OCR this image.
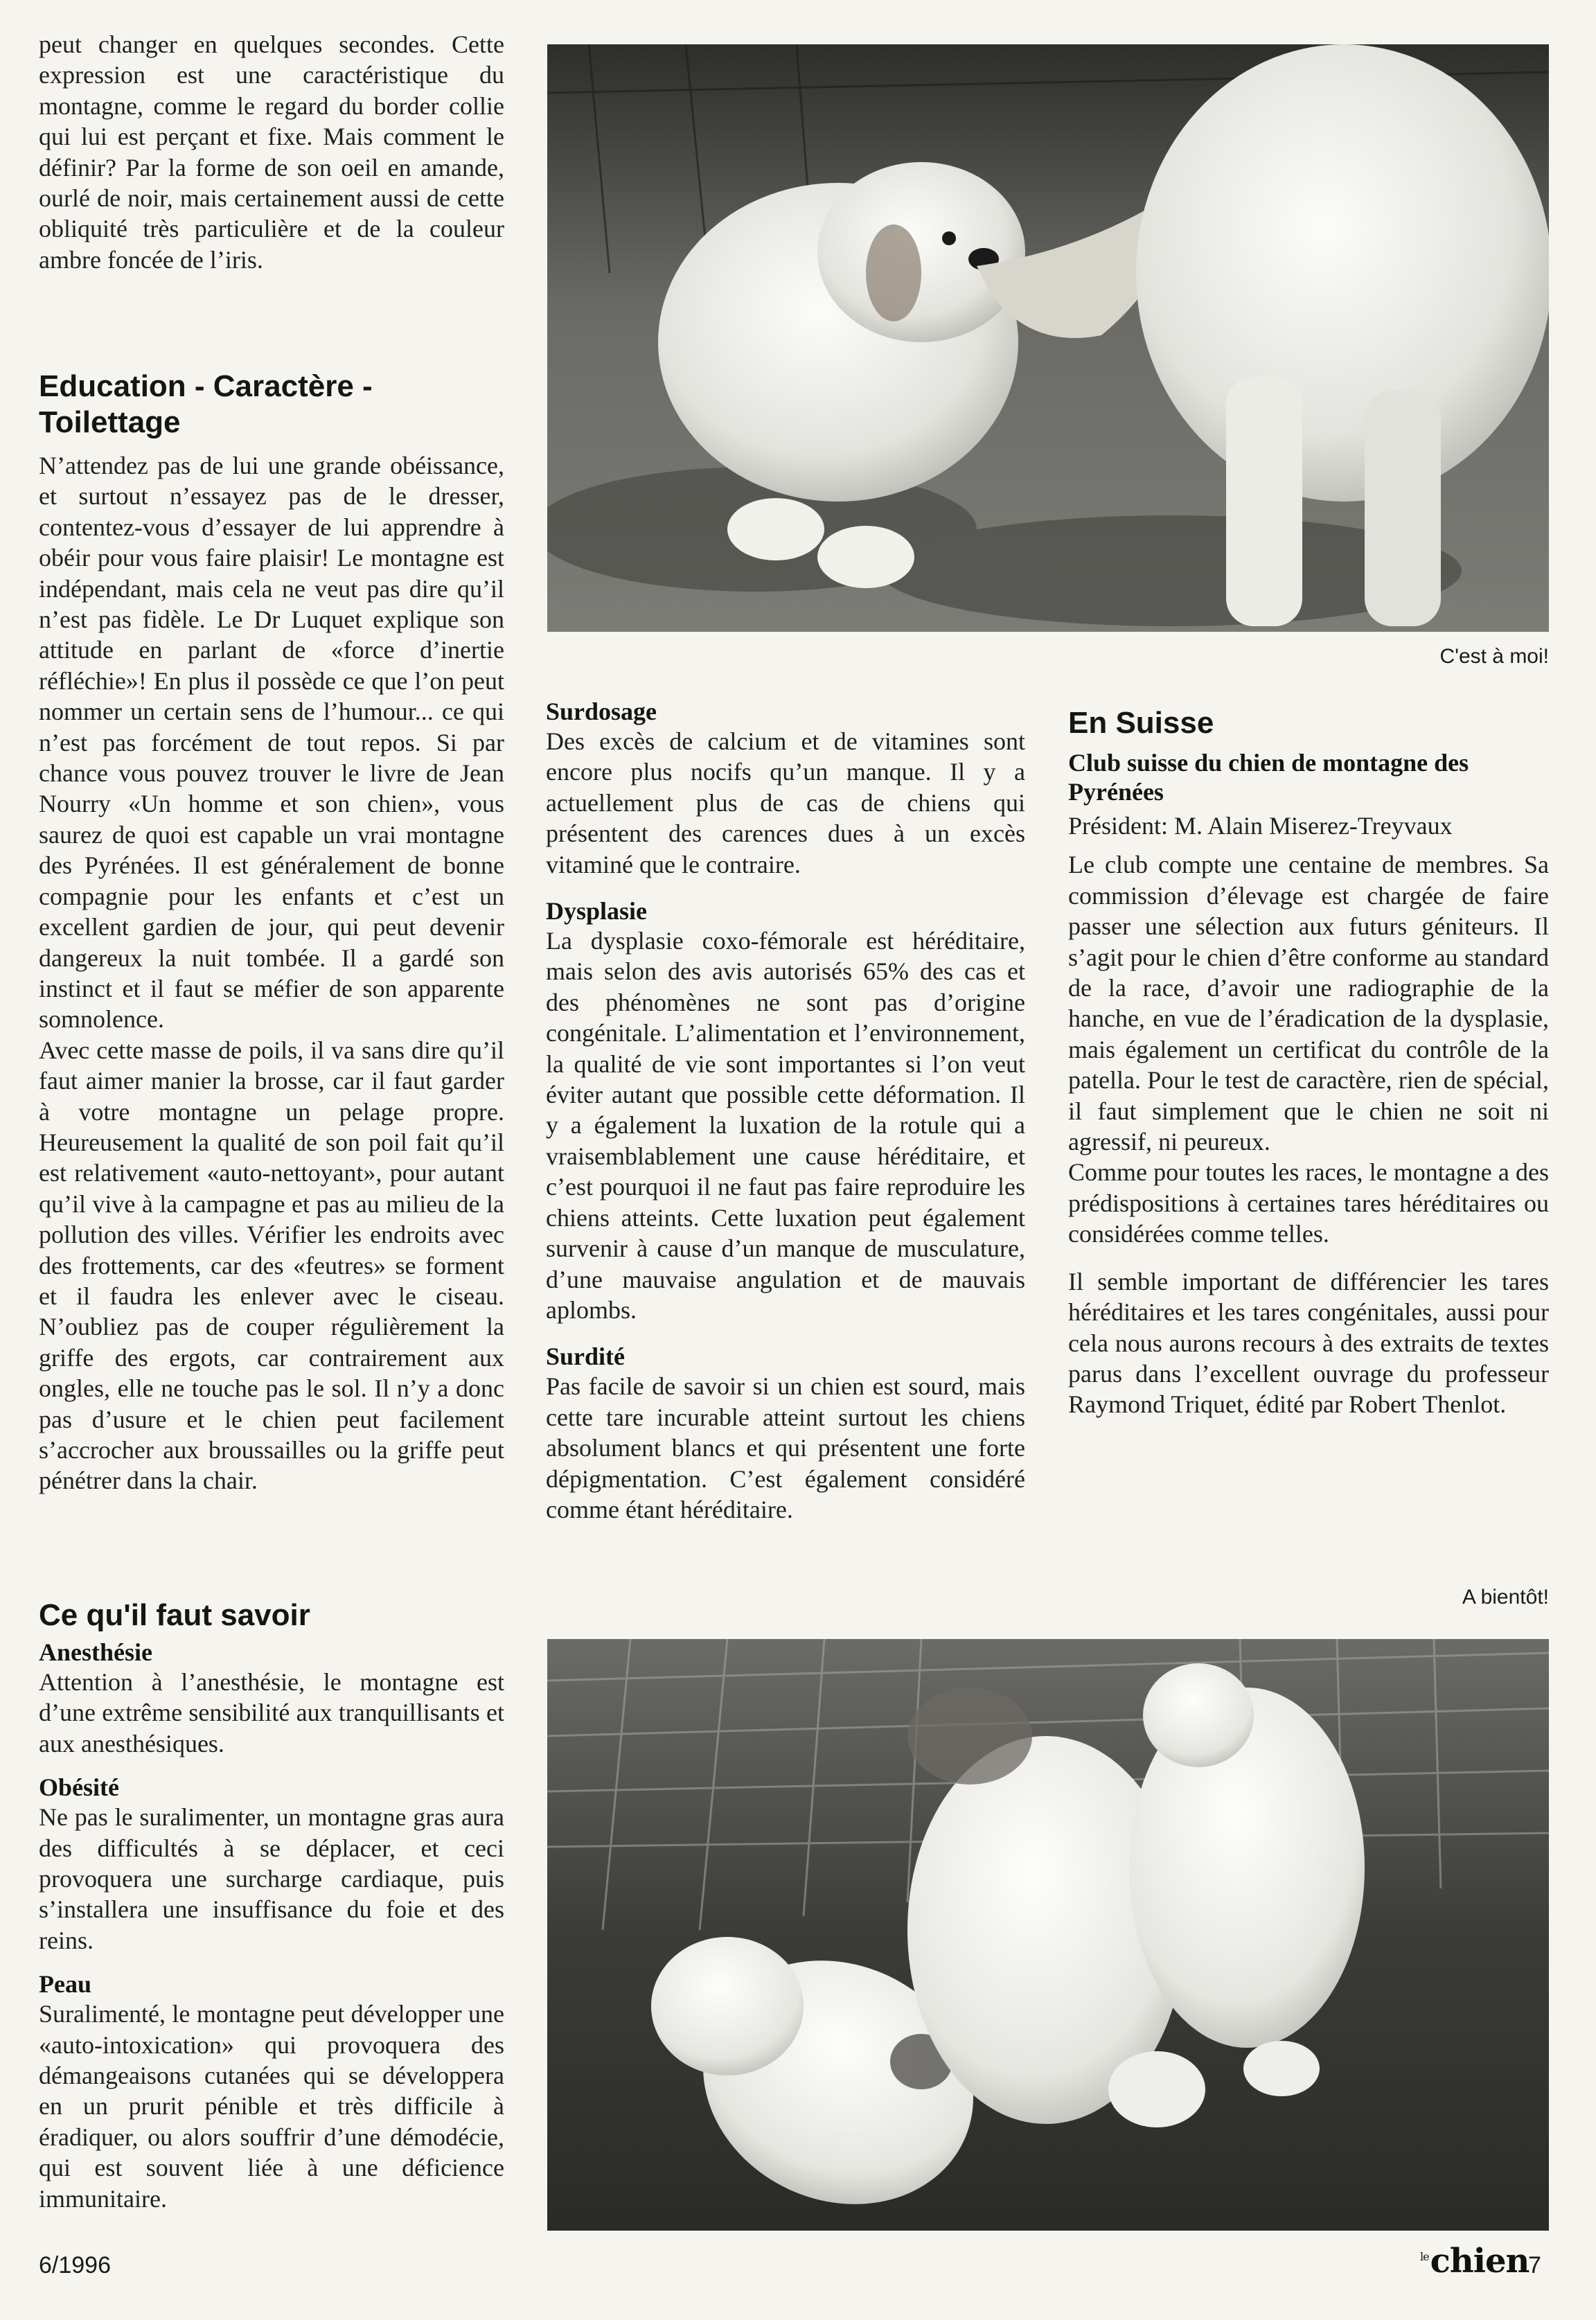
peut changer en quelques secondes. Cette expression est une caractéristique du montagne, comme le regard du border collie qui lui est perçant et fixe. Mais comment le définir? Par la forme de son oeil en amande, ourlé de noir, mais certainement aussi de cette obliquité très particulière et de la couleur ambre foncée de l’iris.

Education - Caractère - Toilettage

N’attendez pas de lui une grande obéissance, et surtout n’essayez pas de le dresser, contentez-vous d’essayer de lui apprendre à obéir pour vous faire plaisir! Le montagne est indépendant, mais cela ne veut pas dire qu’il n’est pas fidèle. Le Dr Luquet explique son attitude en parlant de «force d’inertie réfléchie»! En plus il possède ce que l’on peut nommer un certain sens de l’humour... ce qui n’est pas forcément de tout repos. Si par chance vous pouvez trouver le livre de Jean Nourry «Un homme et son chien», vous saurez de quoi est capable un vrai montagne des Pyrénées. Il est généralement de bonne compagnie pour les enfants et c’est un excellent gardien de jour, qui peut devenir dangereux la nuit tombée. Il a gardé son instinct et il faut se méfier de son apparente somnolence.
Avec cette masse de poils, il va sans dire qu’il faut aimer manier la brosse, car il faut garder à votre montagne un pelage propre. Heureusement la qualité de son poil fait qu’il est relativement «auto-nettoyant», pour autant qu’il vive à la campagne et pas au milieu de la pollution des villes. Vérifier les endroits avec des frottements, car des «feutres» se forment et il faudra les enlever avec le ciseau. N’oubliez pas de couper régulièrement la griffe des ergots, car contrairement aux ongles, elle ne touche pas le sol. Il n’y a donc pas d’usure et le chien peut facilement s’accrocher aux broussailles ou la griffe peut pénétrer dans la chair.

Ce qu'il faut savoir
Anesthésie

Attention à l’anesthésie, le montagne est d’une extrême sensibilité aux tranquillisants et aux anesthésiques.

Obésité

Ne pas le suralimenter, un montagne gras aura des difficultés à se déplacer, et ceci provoquera une surcharge cardiaque, puis s’installera une insuffisance du foie et des reins.

Peau

Suralimenté, le montagne peut développer une «auto-intoxication» qui provoquera des démangeaisons cutanées qui se développera en un prurit pénible et très difficile à éradiquer, ou alors souffrir d’une démodécie, qui est souvent liée à une déficience immunitaire.

C'est à moi!
Surdosage

Des excès de calcium et de vitamines sont encore plus nocifs qu’un manque. Il y a actuellement plus de cas de chiens qui présentent des carences dues à un excès vitaminé que le contraire.

Dysplasie

La dysplasie coxo-fémorale est héréditaire, mais selon des avis autorisés 65% des cas et des phénomènes ne sont pas d’origine congénitale. L’alimentation et l’environnement, la qualité de vie sont importantes si l’on veut éviter autant que possible cette déformation. Il y a également la luxation de la rotule qui a vraisemblablement une cause héréditaire, et c’est pourquoi il ne faut pas faire reproduire les chiens atteints. Cette luxation peut également survenir à cause d’un manque de musculature, d’une mauvaise angulation et de mauvais aplombs.

Surdité

Pas facile de savoir si un chien est sourd, mais cette tare incurable atteint surtout les chiens absolument blancs et qui présentent une forte dépigmentation. C’est également considéré comme étant héréditaire.

En Suisse
Club suisse du chien de montagne des Pyrénées

Président: M. Alain Miserez-Treyvaux

Le club compte une centaine de membres. Sa commission d’élevage est chargée de faire passer une sélection aux futurs géniteurs. Il s’agit pour le chien d’être conforme au standard de la race, d’avoir une radiographie de la hanche, en vue de l’éradication de la dysplasie, mais également un certificat du contrôle de la patella. Pour le test de caractère, rien de spécial, il faut simplement que le chien ne soit ni agressif, ni peureux.
Comme pour toutes les races, le montagne a des prédispositions à certaines tares héréditaires ou considérées comme telles.

Il semble important de différencier les tares héréditaires et les tares congénitales, aussi pour cela nous aurons recours à des extraits de textes parus dans l’excellent ouvrage du professeur Raymond Triquet, édité par Robert Thenlot.

A bientôt!
6/1996	$^{le}$chien
7
